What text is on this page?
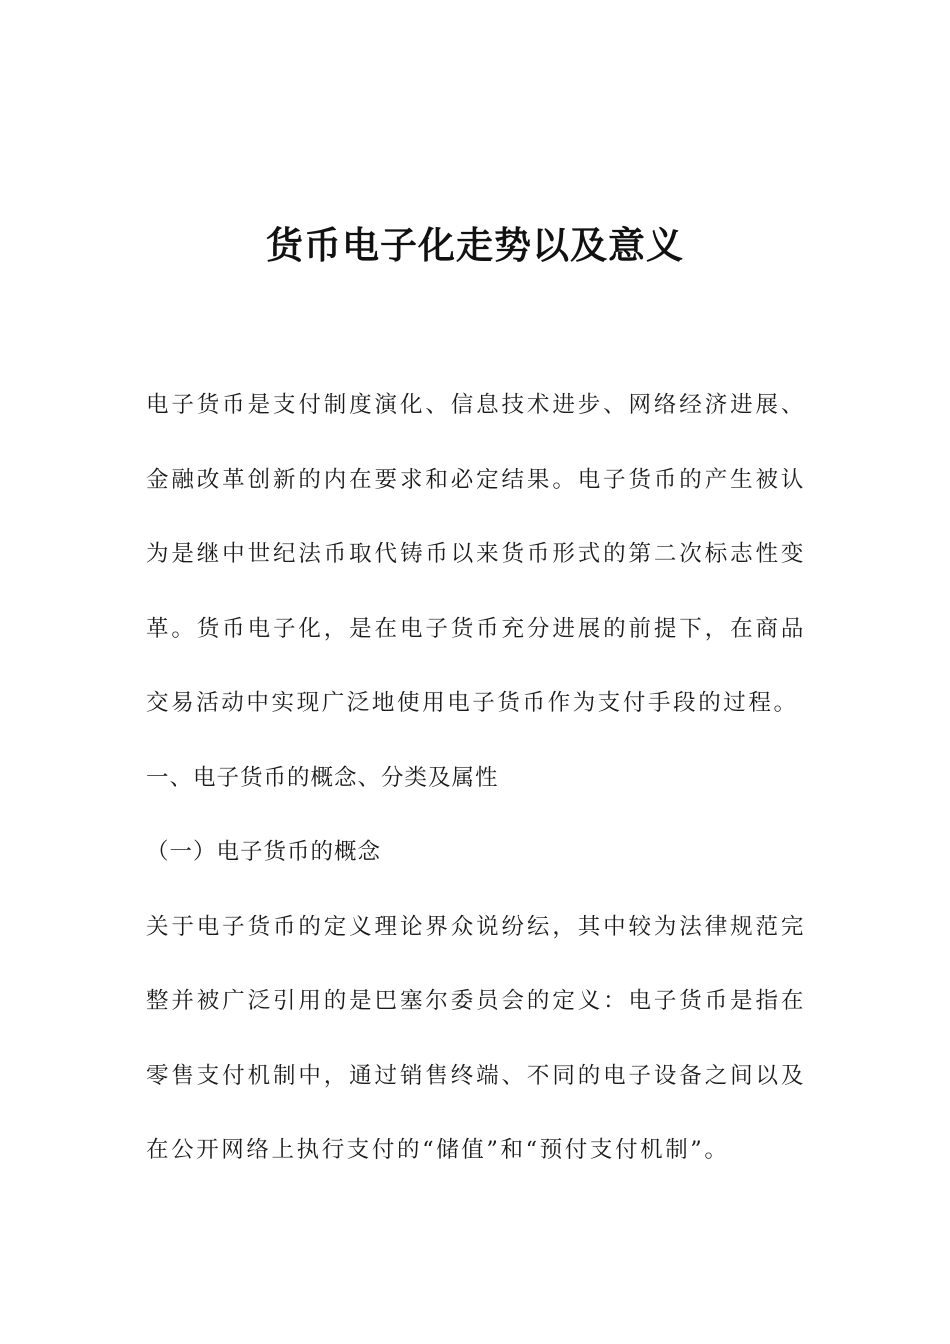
货币电子化走势以及意义

电子货币是支付制度演化、信息技术进步、网络经济进展、金融改革创新的内在要求和必定结果。电子货币的产生被认为是继中世纪法币取代铸币以来货币形式的第二次标志性变革。货币电子化，是在电子货币充分进展的前提下，在商品交易活动中实现广泛地使用电子货币作为支付手段的过程。

一、电子货币的概念、分类及属性

（一）电子货币的概念

关于电子货币的定义理论界众说纷纭，其中较为法律规范完整并被广泛引用的是巴塞尔委员会的定义：电子货币是指在零售支付机制中，通过销售终端、不同的电子设备之间以及在公开网络上执行支付的“储值”和“预付支付机制”。
